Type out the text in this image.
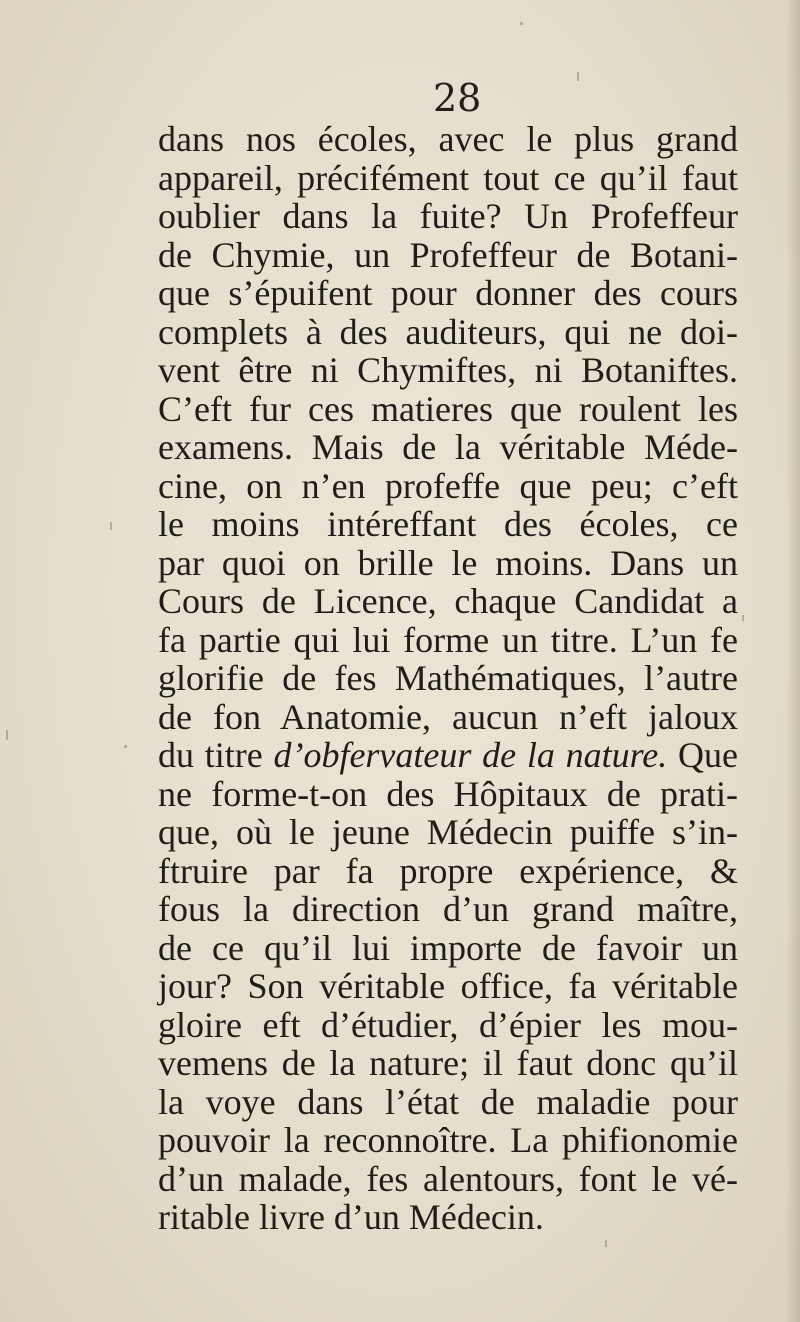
28
dans nos écoles, avec le plus grand
appareil, précifément tout ce qu’il faut
oublier dans la fuite? Un Profeffeur
de Chymie, un Profeffeur de Botani-
que s’épuifent pour donner des cours
complets à des auditeurs, qui ne doi-
vent être ni Chymiftes, ni Botaniftes.
C’eft fur ces matieres que roulent les
examens. Mais de la véritable Méde-
cine, on n’en profeffe que peu; c’eft
le moins intéreffant des écoles, ce
par quoi on brille le moins. Dans un
Cours de Licence, chaque Candidat a
fa partie qui lui forme un titre. L’un fe
glorifie de fes Mathématiques, l’autre
de fon Anatomie, aucun n’eft jaloux
du titre d’obfervateur de la nature. Que
ne forme-t-on des Hôpitaux de prati-
que, où le jeune Médecin puiffe s’in-
ftruire par fa propre expérience, &
fous la direction d’un grand maître,
de ce qu’il lui importe de favoir un
jour? Son véritable office, fa véritable
gloire eft d’étudier, d’épier les mou-
vemens de la nature; il faut donc qu’il
la voye dans l’état de maladie pour
pouvoir la reconnoître. La phifionomie
d’un malade, fes alentours, font le vé-
ritable livre d’un Médecin.
